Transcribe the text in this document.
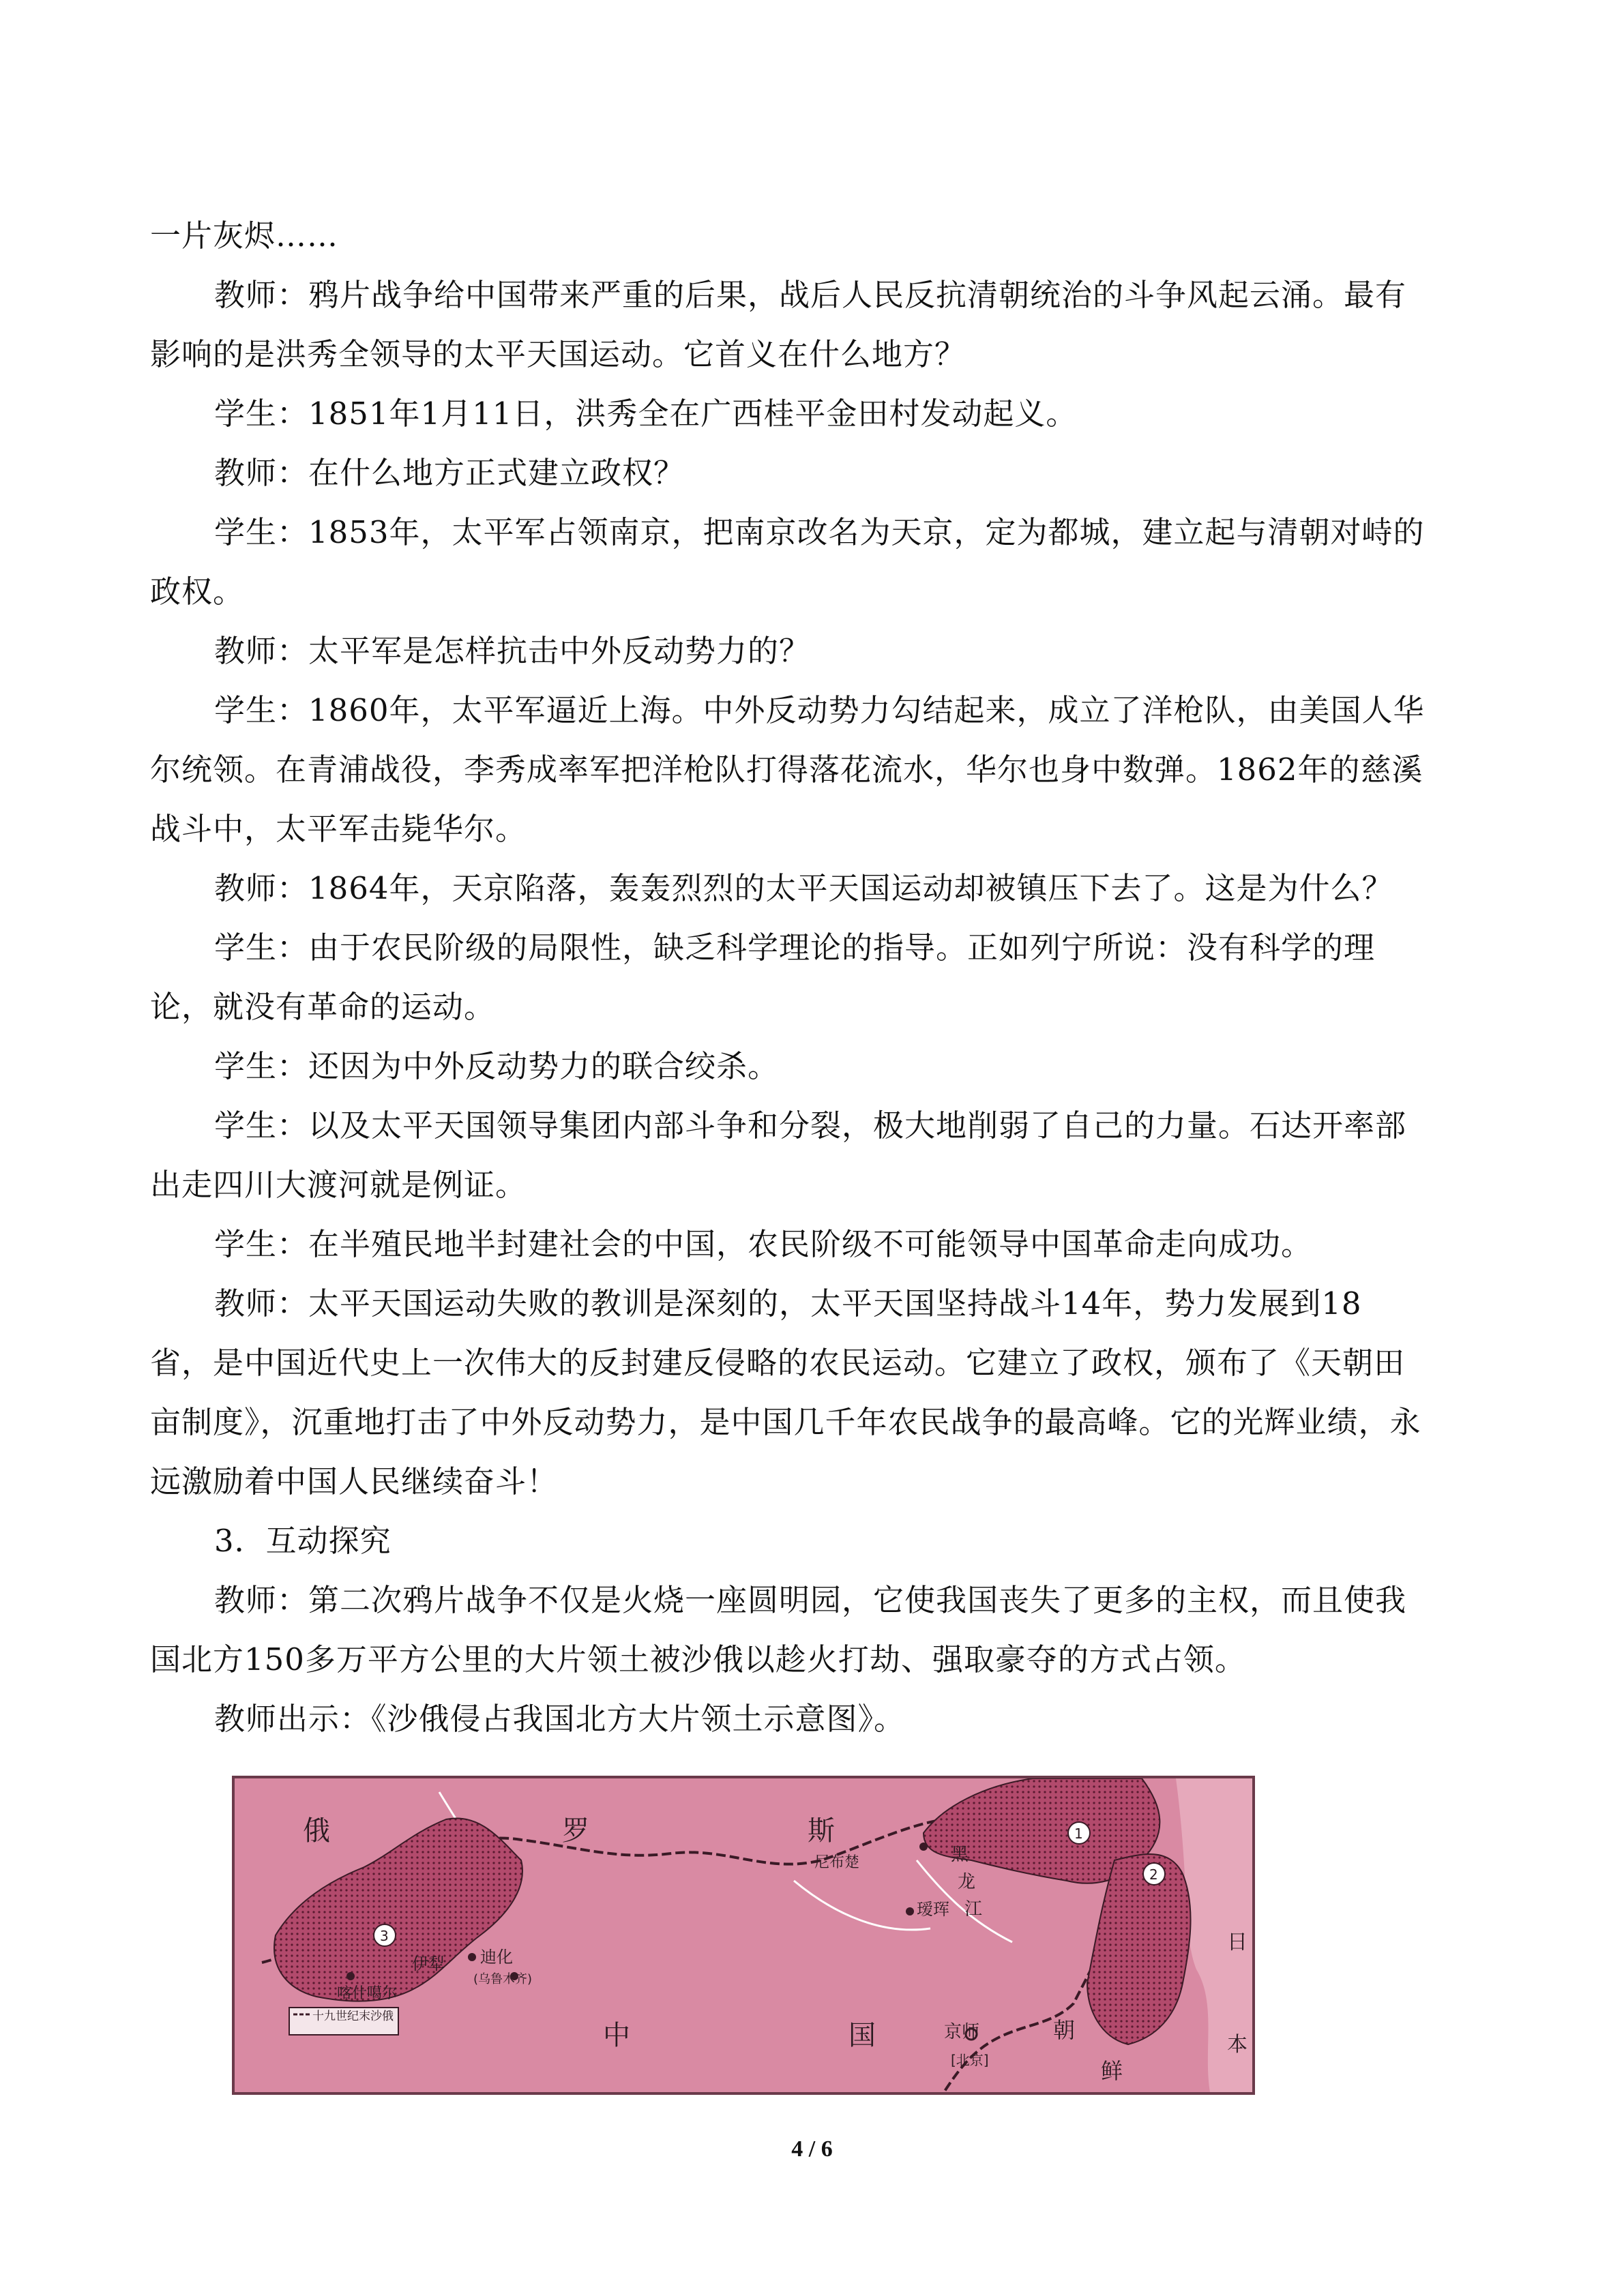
一片灰烬……
教师：鸦片战争给中国带来严重的后果，战后人民反抗清朝统治的斗争风起云涌。最有
影响的是洪秀全领导的太平天国运动。它首义在什么地方？
学生：1851年1月11日，洪秀全在广西桂平金田村发动起义。
教师：在什么地方正式建立政权？
学生：1853年，太平军占领南京，把南京改名为天京，定为都城，建立起与清朝对峙的
政权。
教师：太平军是怎样抗击中外反动势力的？
学生：1860年，太平军逼近上海。中外反动势力勾结起来，成立了洋枪队，由美国人华
尔统领。在青浦战役，李秀成率军把洋枪队打得落花流水，华尔也身中数弹。1862年的慈溪
战斗中，太平军击毙华尔。
教师：1864年，天京陷落，轰轰烈烈的太平天国运动却被镇压下去了。这是为什么？
学生：由于农民阶级的局限性，缺乏科学理论的指导。正如列宁所说：没有科学的理
论，就没有革命的运动。
学生：还因为中外反动势力的联合绞杀。
学生：以及太平天国领导集团内部斗争和分裂，极大地削弱了自己的力量。石达开率部
出走四川大渡河就是例证。
学生：在半殖民地半封建社会的中国，农民阶级不可能领导中国革命走向成功。
教师：太平天国运动失败的教训是深刻的，太平天国坚持战斗14年，势力发展到18
省，是中国近代史上一次伟大的反封建反侵略的农民运动。它建立了政权，颁布了《天朝田
亩制度》，沉重地打击了中外反动势力，是中国几千年农民战争的最高峰。它的光辉业绩，永
远激励着中国人民继续奋斗！
3．互动探究
教师：第二次鸦片战争不仅是火烧一座圆明园，它使我国丧失了更多的主权，而且使我
国北方150多万平方公里的大片领土被沙俄以趁火打劫、强取豪夺的方式占领。
教师出示：《沙俄侵占我国北方大片领土示意图》。
俄	罗	斯
尼布楚	黑
龙
江
瑷珲
伊犁 迪化
(乌鲁木齐)
喀什噶尔
中	国	京师
[北京]
朝
鲜
日
本
3
1
2
十九世纪末沙俄
4 / 6
